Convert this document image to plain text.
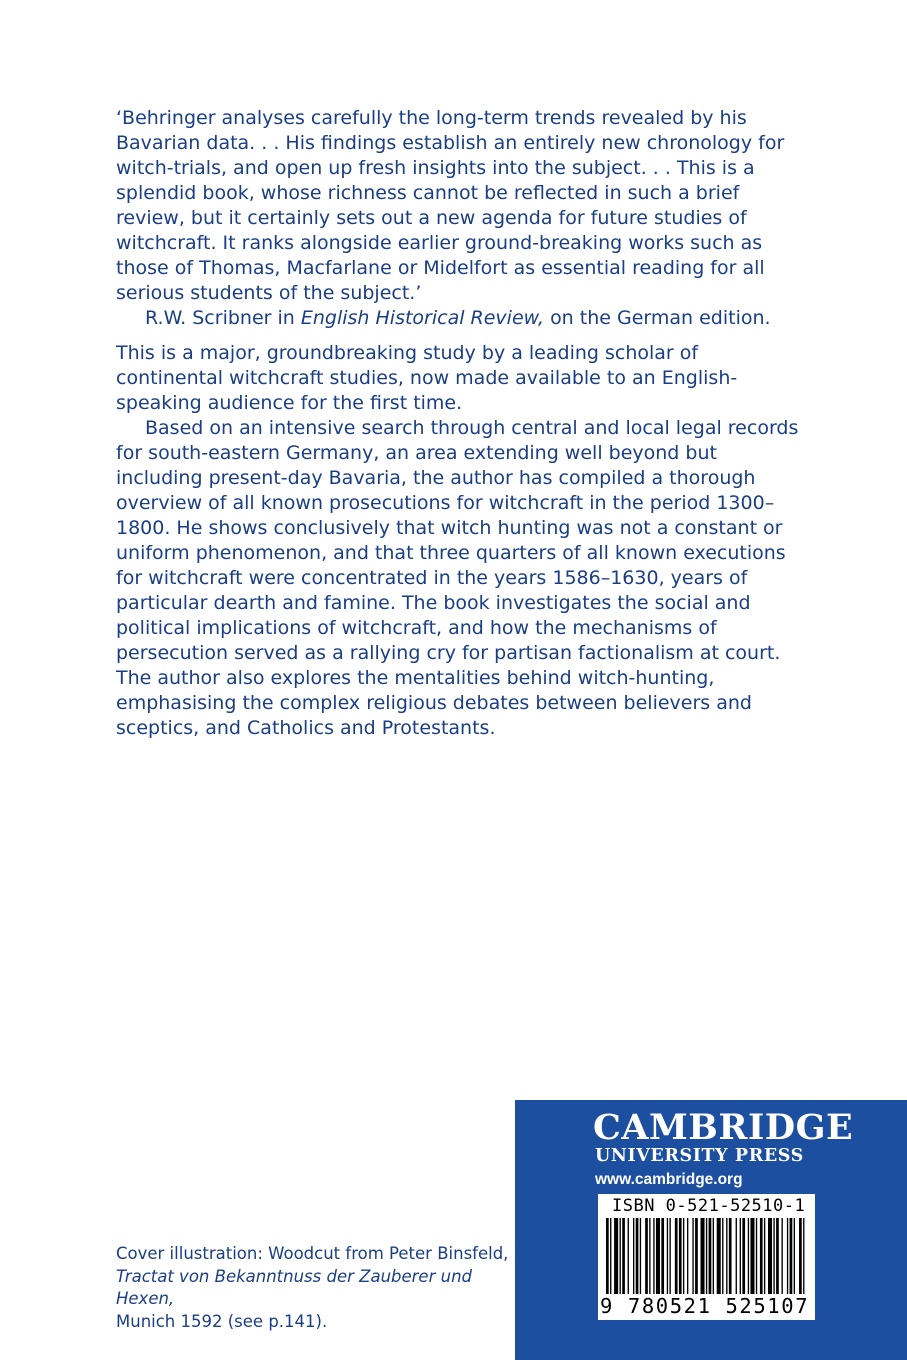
‘Behringer analyses carefully the long-term trends revealed by his Bavarian data. . . His findings establish an entirely new chronology for witch-trials, and open up fresh insights into the subject. . . This is a splendid book, whose richness cannot be reflected in such a brief review, but it certainly sets out a new agenda for future studies of witchcraft. It ranks alongside earlier ground-breaking works such as those of Thomas, Macfarlane or Midelfort as essential reading for all serious students of the subject.’

R.W. Scribner in English Historical Review, on the German edition.

This is a major, groundbreaking study by a leading scholar of continental witchcraft studies, now made available to an English-speaking audience for the first time.

Based on an intensive search through central and local legal records for south-eastern Germany, an area extending well beyond but including present-day Bavaria, the author has compiled a thorough overview of all known prosecutions for witchcraft in the period 1300–1800. He shows conclusively that witch hunting was not a constant or uniform phenomenon, and that three quarters of all known executions for witchcraft were concentrated in the years 1586–1630, years of particular dearth and famine. The book investigates the social and political implications of witchcraft, and how the mechanisms of persecution served as a rallying cry for partisan factionalism at court. The author also explores the mentalities behind witch-hunting, emphasising the complex religious debates between believers and sceptics, and Catholics and Protestants.

Cover illustration: Woodcut from Peter Binsfeld,

Tractat von Bekanntnuss der Zauberer und Hexen,

Munich 1592 (see p.141).

CAMBRIDGE
UNIVERSITY PRESS
www.cambridge.org
ISBN 0-521-52510-1
9 780521 525107
